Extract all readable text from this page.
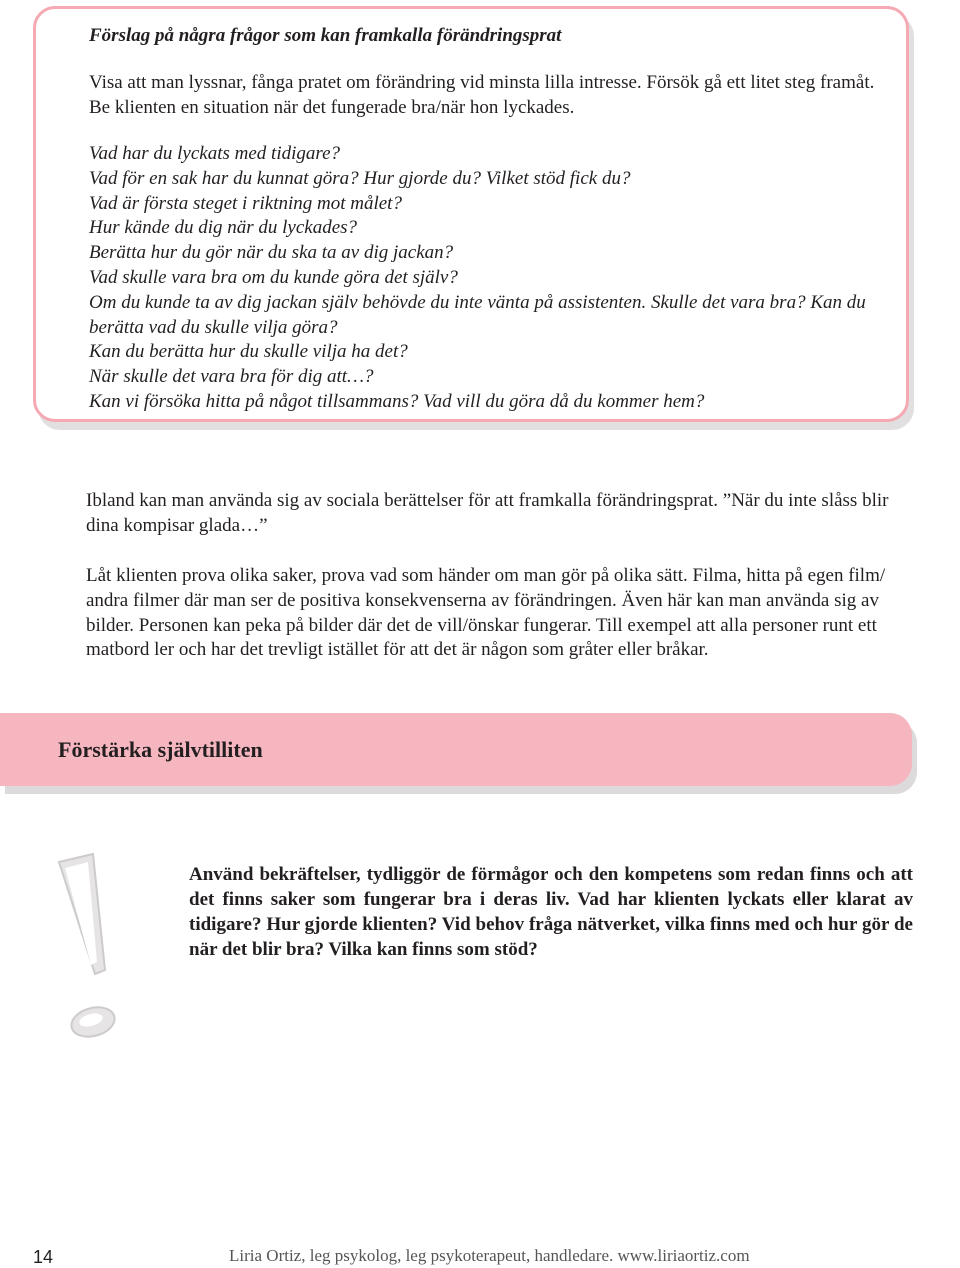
Förslag på några frågor som kan framkalla förändringsprat

Visa att man lyssnar, fånga pratet om förändring vid minsta lilla intresse. Försök gå ett litet steg framåt. Be klienten en situation när det fungerade bra/när hon lyckades.

Vad har du lyckats med tidigare?
Vad för en sak har du kunnat göra? Hur gjorde du? Vilket stöd fick du?
Vad är första steget i riktning mot målet?
Hur kände du dig när du lyckades?
Berätta hur du gör när du ska ta av dig jackan?
Vad skulle vara bra om du kunde göra det själv?
Om du kunde ta av dig jackan själv behövde du inte vänta på assistenten. Skulle det vara bra? Kan du berätta vad du skulle vilja göra?
Kan du berätta hur du skulle vilja ha det?
När skulle det vara bra för dig att…?
Kan vi försöka hitta på något tillsammans? Vad vill du göra då du kommer hem?

Ibland kan man använda sig av sociala berättelser för att framkalla förändringsprat. ”När du inte slåss blir dina kompisar glada…”

Låt klienten prova olika saker, prova vad som händer om man gör på olika sätt. Filma, hitta på egen film/ andra filmer där man ser de positiva konsekvenserna av förändringen. Även här kan man använda sig av bilder. Personen kan peka på bilder där det de vill/önskar fungerar. Till exempel att alla personer runt ett matbord ler och har det trevligt istället för att det är någon som gråter eller bråkar.

Förstärka självtilliten

Använd bekräftelser, tydliggör de förmågor och den kompetens som redan finns och att det finns saker som fungerar bra i deras liv. Vad har klienten lyckats eller klarat av tidigare? Hur gjorde klienten? Vid behov fråga nätverket, vilka finns med och hur gör de när det blir bra? Vilka kan finns som stöd?

14	Liria Ortiz, leg psykolog, leg psykoterapeut, handledare. www.liriaortiz.com
